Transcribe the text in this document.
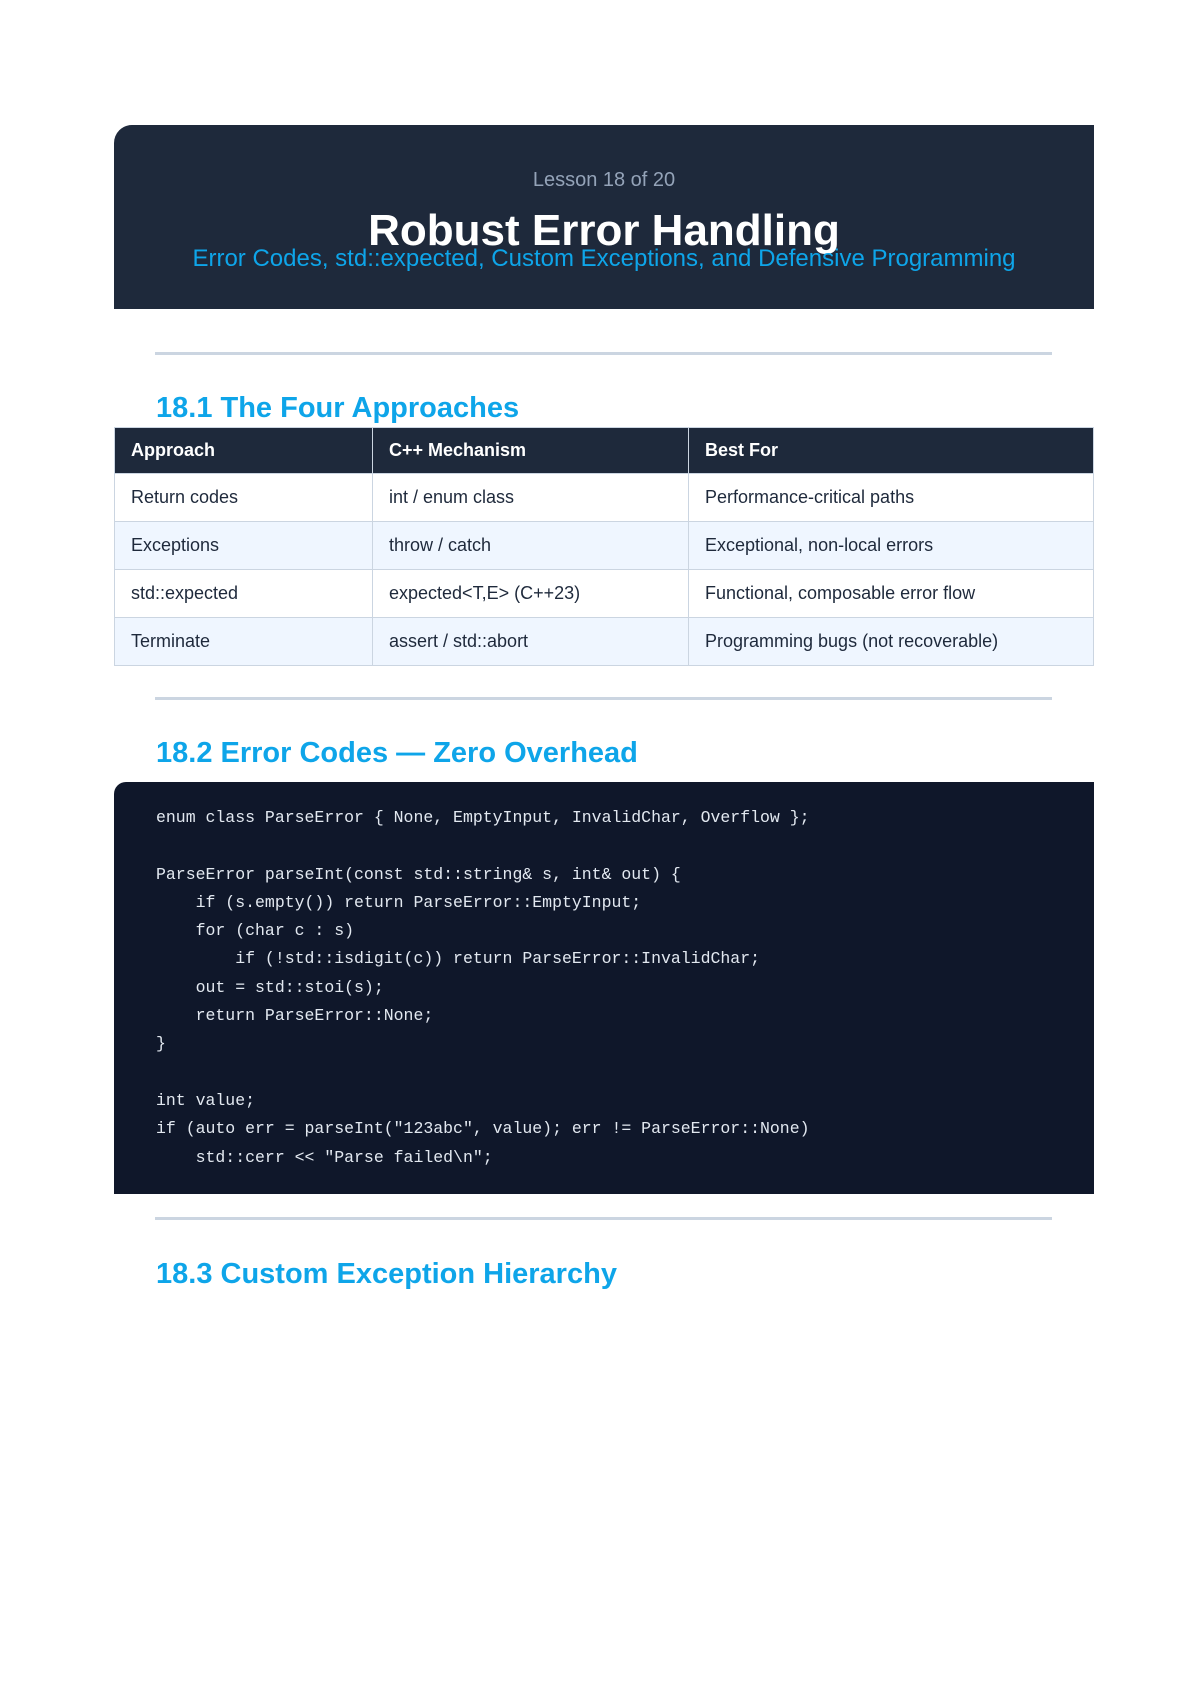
Lesson 18 of 20
Robust Error Handling
Error Codes, std::expected, Custom Exceptions, and Defensive Programming
18.1 The Four Approaches
Approach	C++ Mechanism	Best For
Return codes	int / enum class	Performance-critical paths
Exceptions	throw / catch	Exceptional, non-local errors
std::expected	expected<T,E> (C++23)	Functional, composable error flow
Terminate	assert / std::abort	Programming bugs (not recoverable)
18.2 Error Codes — Zero Overhead
enum class ParseError { None, EmptyInput, InvalidChar, Overflow };

ParseError parseInt(const std::string& s, int& out) {
if (s.empty()) return ParseError::EmptyInput;
for (char c : s)
if (!std::isdigit(c)) return ParseError::InvalidChar;
out = std::stoi(s);
return ParseError::None;
}

int value;
if (auto err = parseInt("123abc", value); err != ParseError::None)
std::cerr << "Parse failed\n";
18.3 Custom Exception Hierarchy
